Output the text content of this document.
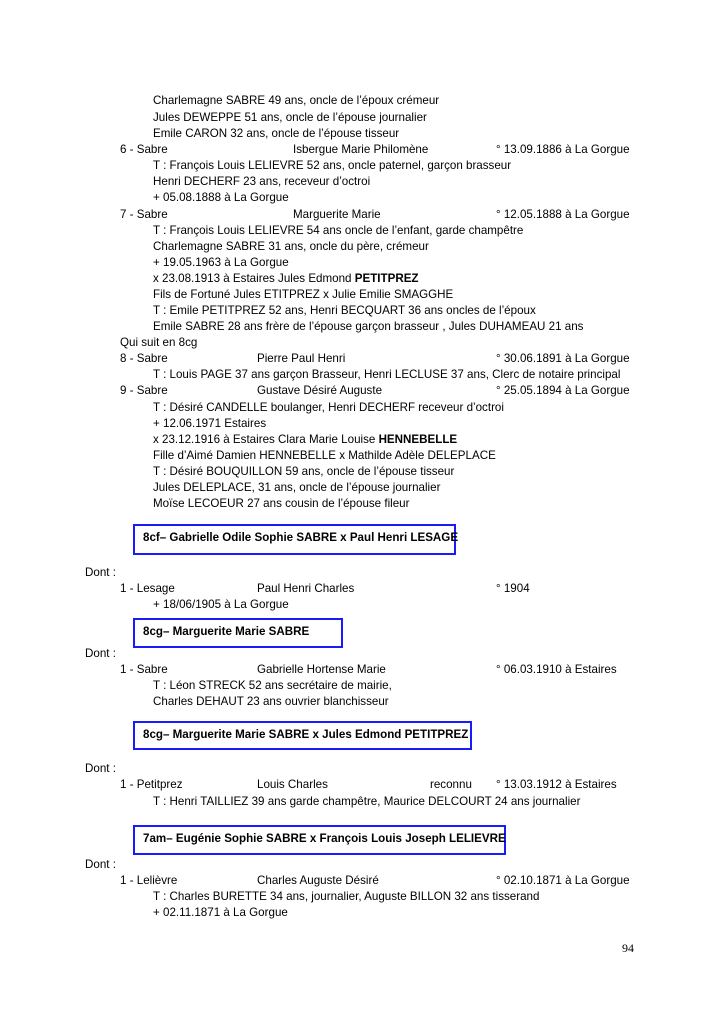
Charlemagne SABRE 49 ans, oncle de l’époux crémeur
Jules DEWEPPE 51 ans, oncle de l’épouse journalier
Emile CARON 32 ans, oncle de l’épouse tisseur
6 - Sabre	Isbergue Marie Philomène	° 13.09.1886 à La Gorgue
T : François Louis LELIEVRE 52 ans, oncle paternel, garçon brasseur
Henri DECHERF 23 ans, receveur d’octroi
+ 05.08.1888 à La Gorgue
7 - Sabre	Marguerite Marie	° 12.05.1888 à La Gorgue
T : François Louis LELIEVRE 54 ans oncle de l’enfant, garde champêtre
Charlemagne SABRE 31 ans, oncle du père, crémeur
+ 19.05.1963 à La Gorgue
x 23.08.1913 à Estaires Jules Edmond PETITPREZ
Fils de Fortuné Jules ETITPREZ x Julie Emilie SMAGGHE
T : Emile PETITPREZ 52 ans, Henri BECQUART 36 ans oncles de l’époux
Emile SABRE 28 ans frère de l’épouse garçon brasseur , Jules DUHAMEAU 21 ans
Qui suit en 8cg
8 - Sabre	Pierre Paul Henri	° 30.06.1891 à La Gorgue
T : Louis PAGE 37 ans garçon Brasseur, Henri LECLUSE 37 ans, Clerc de notaire principal
9 - Sabre	Gustave Désiré Auguste	° 25.05.1894 à La Gorgue
T : Désiré CANDELLE boulanger, Henri DECHERF receveur d’octroi
+ 12.06.1971 Estaires
x 23.12.1916 à Estaires Clara Marie Louise HENNEBELLE
Fille d’Aimé Damien HENNEBELLE x Mathilde Adèle DELEPLACE
T : Désiré BOUQUILLON 59 ans, oncle de l’épouse tisseur
Jules DELEPLACE, 31 ans, oncle de l’épouse journalier
Moïse LECOEUR 27 ans cousin de l’épouse fileur
8cf– Gabrielle Odile Sophie SABRE x Paul Henri LESAGE
Dont :
1 - Lesage	Paul Henri Charles	° 1904
+ 18/06/1905 à La Gorgue
8cg– Marguerite Marie SABRE
Dont :
1 - Sabre	Gabrielle Hortense Marie	° 06.03.1910 à Estaires
T : Léon STRECK 52 ans secrétaire de mairie,
Charles DEHAUT 23 ans ouvrier blanchisseur
8cg– Marguerite Marie SABRE x Jules Edmond PETITPREZ
Dont :
1 - Petitprez	Louis Charles	reconnu ° 13.03.1912 à Estaires
T : Henri TAILLIEZ 39 ans garde champêtre, Maurice DELCOURT 24 ans journalier
7am– Eugénie Sophie SABRE x François Louis Joseph LELIEVRE
Dont :
1 - Lelièvre	Charles Auguste Désiré	° 02.10.1871 à La Gorgue
T : Charles BURETTE 34 ans, journalier, Auguste BILLON 32 ans tisserand
+ 02.11.1871 à La Gorgue
94
